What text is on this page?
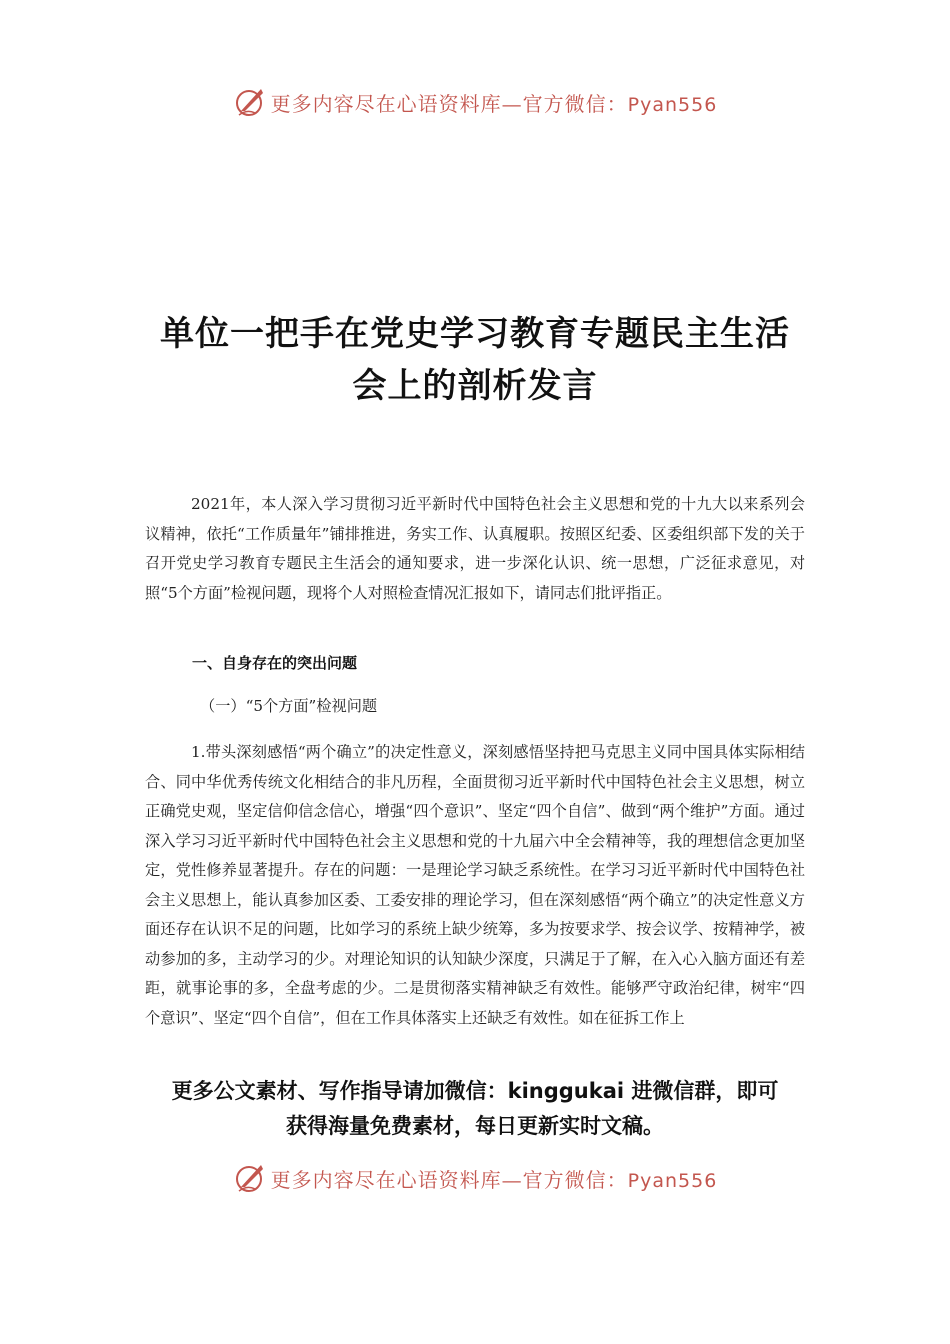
更多内容尽在心语资料库—官方微信：Pyan556
单位一把手在党史学习教育专题民主生活
会上的剖析发言
2021年，本人深入学习贯彻习近平新时代中国特色社会主义思想和党的十九大以来系列会议精神，依托“工作质量年”铺排推进，务实工作、认真履职。按照区纪委、区委组织部下发的关于召开党史学习教育专题民主生活会的通知要求，进一步深化认识、统一思想，广泛征求意见，对照“5个方面”检视问题，现将个人对照检查情况汇报如下，请同志们批评指正。
一、自身存在的突出问题
（一）“5个方面”检视问题
1.带头深刻感悟“两个确立”的决定性意义，深刻感悟坚持把马克思主义同中国具体实际相结合、同中华优秀传统文化相结合的非凡历程，全面贯彻习近平新时代中国特色社会主义思想，树立正确党史观，坚定信仰信念信心，增强“四个意识”、坚定“四个自信”、做到“两个维护”方面。通过深入学习习近平新时代中国特色社会主义思想和党的十九届六中全会精神等，我的理想信念更加坚定，党性修养显著提升。存在的问题：一是理论学习缺乏系统性。在学习习近平新时代中国特色社会主义思想上，能认真参加区委、工委安排的理论学习，但在深刻感悟“两个确立”的决定性意义方面还存在认识不足的问题，比如学习的系统上缺少统筹，多为按要求学、按会议学、按精神学，被动参加的多，主动学习的少。对理论知识的认知缺少深度，只满足于了解，在入心入脑方面还有差距，就事论事的多，全盘考虑的少。二是贯彻落实精神缺乏有效性。能够严守政治纪律，树牢“四个意识”、坚定“四个自信”，但在工作具体落实上还缺乏有效性。如在征拆工作上
更多公文素材、写作指导请加微信：kinggukai 进微信群，即可
获得海量免费素材，每日更新实时文稿。
更多内容尽在心语资料库—官方微信：Pyan556
